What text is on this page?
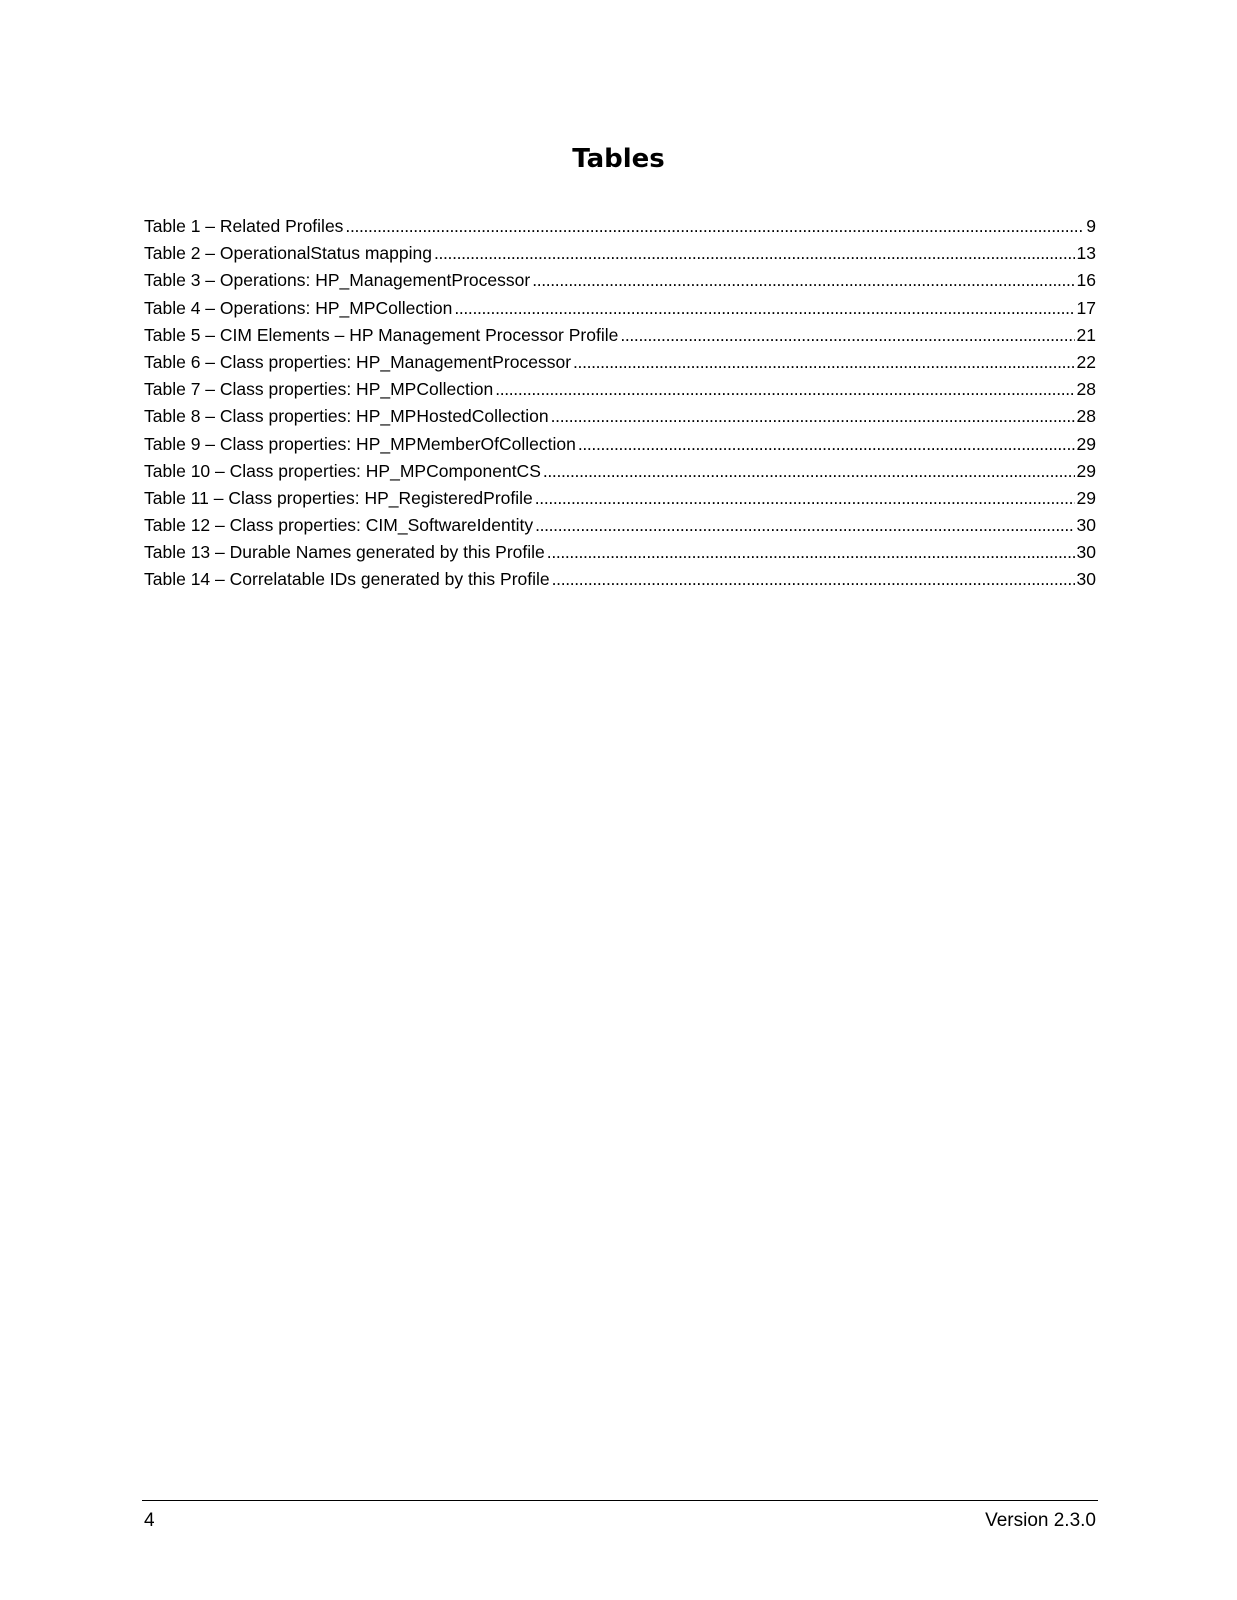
Tables
Table 1 – Related Profiles . . .	9
Table 2 – OperationalStatus mapping . . .	13
Table 3 – Operations: HP_ManagementProcessor . . .	16
Table 4 – Operations: HP_MPCollection . . .	17
Table 5 – CIM Elements – HP Management Processor Profile . . .	21
Table 6 – Class properties: HP_ManagementProcessor . . .	22
Table 7 – Class properties: HP_MPCollection . . .	28
Table 8 – Class properties: HP_MPHostedCollection . . .	28
Table 9 – Class properties: HP_MPMemberOfCollection . . .	29
Table 10 – Class properties: HP_MPComponentCS . . .	29
Table 11 – Class properties: HP_RegisteredProfile . . .	29
Table 12 – Class properties: CIM_SoftwareIdentity . . .	30
Table 13 – Durable Names generated by this Profile . . .	30
Table 14 – Correlatable IDs generated by this Profile . . .	30
4	Version 2.3.0
